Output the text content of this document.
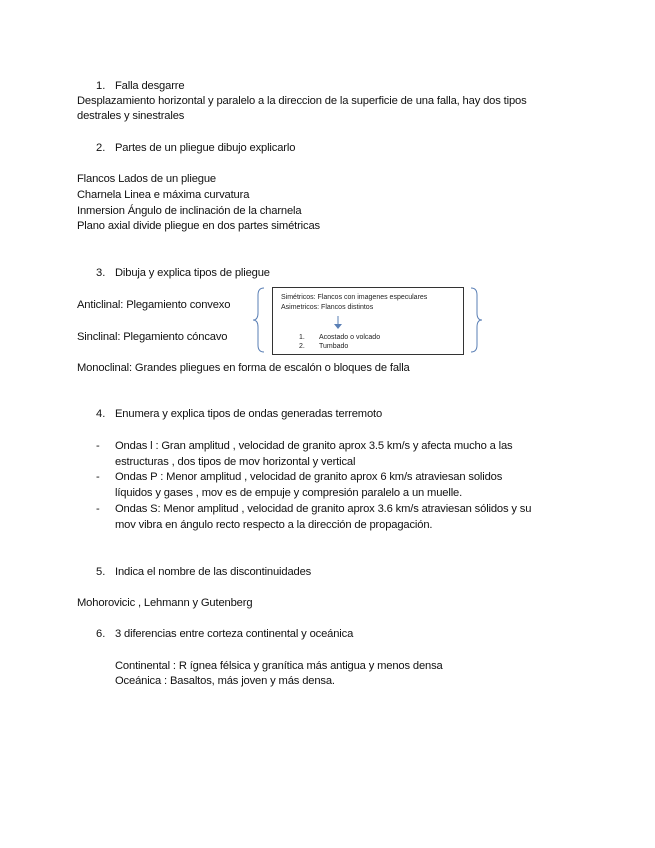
1. Falla desgarre
Desplazamiento horizontal y paralelo a la direccion de la superficie de una falla, hay dos tipos
destrales y sinestrales
2. Partes de un pliegue dibujo explicarlo
Flancos Lados de un pliegue
Charnela Linea e máxima curvatura
Inmersion Ángulo de inclinación de la charnela
Plano axial divide pliegue en dos partes simétricas
3. Dibuja y explica tipos de pliegue
Anticlinal: Plegamiento convexo
Sinclinal: Plegamiento cóncavo
Simétricos: Flancos con imagenes especulares
Asimetricos: Flancos distintos
1. Acostado o volcado
2. Tumbado
Monoclinal: Grandes pliegues en forma de escalón o bloques de falla
4. Enumera y explica tipos de ondas generadas terremoto
- Ondas l : Gran amplitud , velocidad de granito aprox 3.5 km/s y afecta mucho a las
estructuras , dos tipos de mov horizontal y vertical
- Ondas P : Menor amplitud , velocidad de granito aprox 6 km/s atraviesan solidos
líquidos y gases , mov es de empuje y compresión paralelo a un muelle.
- Ondas S: Menor amplitud , velocidad de granito aprox 3.6 km/s atraviesan sólidos y su
mov vibra en ángulo recto respecto a la dirección de propagación.
5. Indica el nombre de las discontinuidades
Mohorovicic , Lehmann y Gutenberg
6. 3 diferencias entre corteza continental y oceánica
Continental : R ígnea félsica y granítica más antigua y menos densa
Oceánica : Basaltos, más joven y más densa.
